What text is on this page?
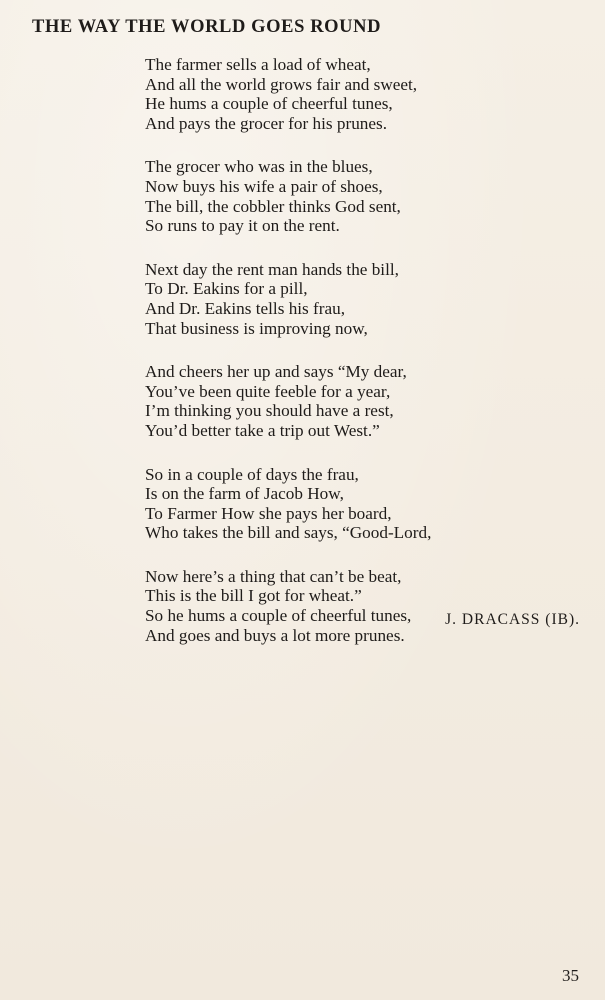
THE WAY THE WORLD GOES ROUND
The farmer sells a load of wheat,
And all the world grows fair and sweet,
He hums a couple of cheerful tunes,
And pays the grocer for his prunes.
The grocer who was in the blues,
Now buys his wife a pair of shoes,
The bill, the cobbler thinks God sent,
So runs to pay it on the rent.
Next day the rent man hands the bill,
To Dr. Eakins for a pill,
And Dr. Eakins tells his frau,
That business is improving now,
And cheers her up and says “My dear,
You’ve been quite feeble for a year,
I’m thinking you should have a rest,
You’d better take a trip out West.”
So in a couple of days the frau,
Is on the farm of Jacob How,
To Farmer How she pays her board,
Who takes the bill and says, “Good-Lord,
Now here’s a thing that can’t be beat,
This is the bill I got for wheat.”
So he hums a couple of cheerful tunes,
And goes and buys a lot more prunes.
J. DRACASS (IB).
35
